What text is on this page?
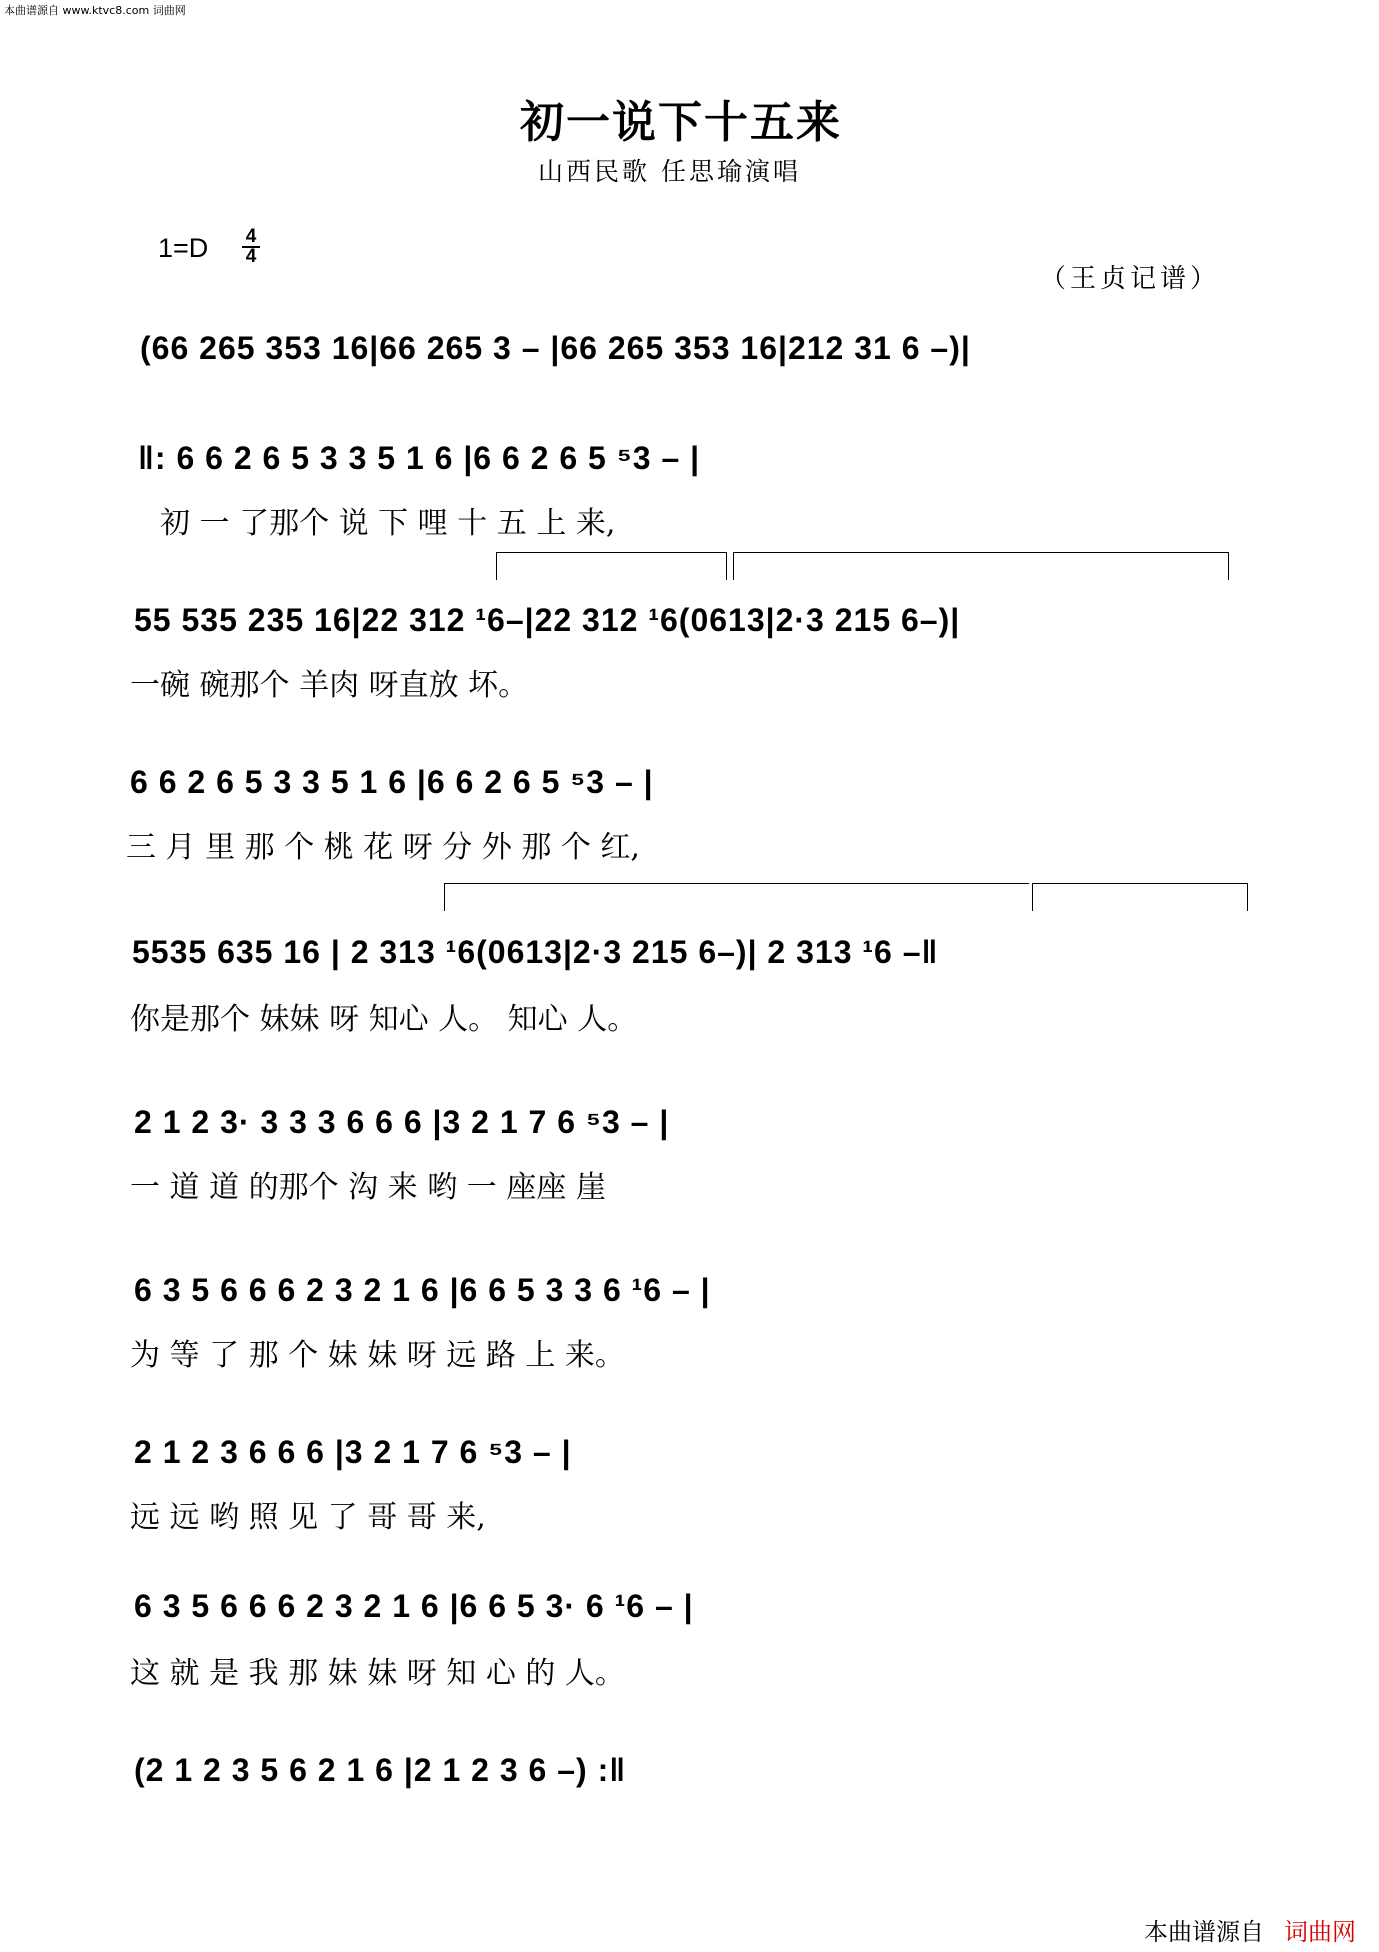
本曲谱源自 www.ktvc8.com 词曲网
初一说下十五来
山西民歌 任思瑜演唱
1=D 4
4
（王贞记谱）
(66 265 353 16|66 265 3 – |66 265 353 16|212 31 6 –)|
‖: 6 6 2 6 5 3 3 5 1 6 |6 6 2 6 5 ⁵3 – |
初 一 了那个 说 下 哩 十 五 上 来,
55 535 235 16|22 312 ¹6–|22 312 ¹6(0613|2·3 215 6–)|
一碗 碗那个 羊肉 呀直放 坏。
6 6 2 6 5 3 3 5 1 6 |6 6 2 6 5 ⁵3 – |
三 月 里 那 个 桃 花 呀 分 外 那 个 红,
5535 635 16 | 2 313 ¹6(0613|2·3 215 6–)| 2 313 ¹6 –‖
你是那个 妹妹 呀 知心 人。 知心 人。
2 1 2 3· 3 3 3 6 6 6 |3 2 1 7 6 ⁵3 – |
一 道 道 的那个 沟 来 哟 一 座座 崖
6 3 5 6 6 6 2 3 2 1 6 |6 6 5 3 3 6 ¹6 – |
为 等 了 那 个 妹 妹 呀 远 路 上 来。
2 1 2 3 6 6 6 |3 2 1 7 6 ⁵3 – |
远 远 哟 照 见 了 哥 哥 来,
6 3 5 6 6 6 2 3 2 1 6 |6 6 5 3· 6 ¹6 – |
这 就 是 我 那 妹 妹 呀 知 心 的 人。
(2 1 2 3 5 6 2 1 6 |2 1 2 3 6 –) :‖
本曲谱源自 词曲网
